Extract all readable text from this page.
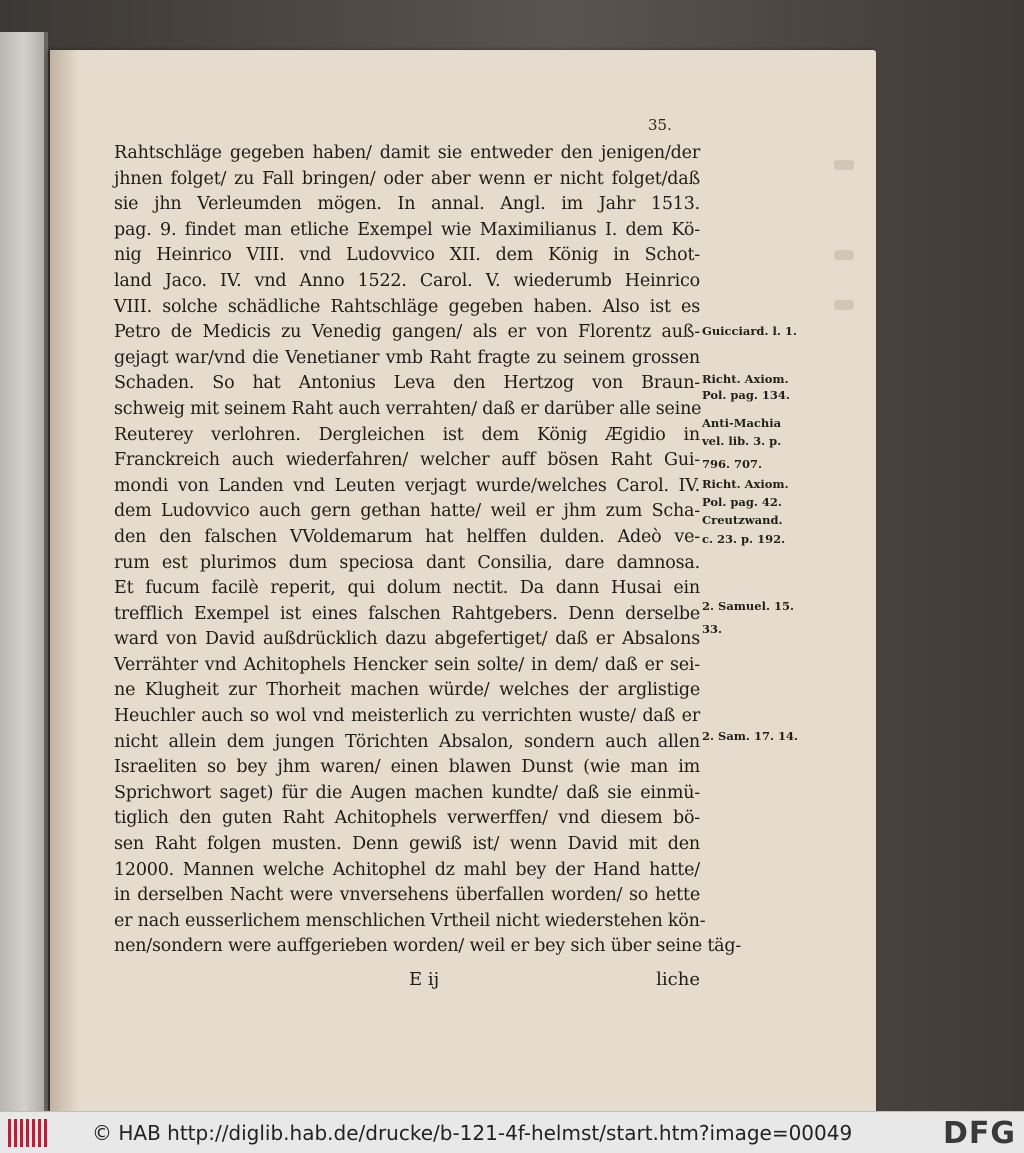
35.
Rahtschläge gegeben haben/ damit sie entweder den jenigen/der
jhnen folget/ zu Fall bringen/ oder aber wenn er nicht folget/daß
sie jhn Verleumden mögen. In annal. Angl. im Jahr 1513.
pag. 9. findet man etliche Exempel wie Maximilianus I. dem Kö-
nig Heinrico VIII. vnd Ludovvico XII. dem König in Schot-
land Jaco. IV. vnd Anno 1522. Carol. V. wiederumb Heinrico
VIII. solche schädliche Rahtschläge gegeben haben. Also ist es
Petro de Medicis zu Venedig gangen/ als er von Florentz auß-
gejagt war/vnd die Venetianer vmb Raht fragte zu seinem grossen
Schaden. So hat Antonius Leva den Hertzog von Braun-
schweig mit seinem Raht auch verrahten/ daß er darüber alle seine
Reuterey verlohren. Dergleichen ist dem König Ægidio in
Franckreich auch wiederfahren/ welcher auff bösen Raht Gui-
mondi von Landen vnd Leuten verjagt wurde/welches Carol. IV.
dem Ludovvico auch gern gethan hatte/ weil er jhm zum Scha-
den den falschen VVoldemarum hat helffen dulden. Adeò ve-
rum est plurimos dum speciosa dant Consilia, dare damnosa.
Et fucum facilè reperit, qui dolum nectit. Da dann Husai ein
trefflich Exempel ist eines falschen Rahtgebers. Denn derselbe
ward von David außdrücklich dazu abgefertiget/ daß er Absalons
Verrähter vnd Achitophels Hencker sein solte/ in dem/ daß er sei-
ne Klugheit zur Thorheit machen würde/ welches der arglistige
Heuchler auch so wol vnd meisterlich zu verrichten wuste/ daß er
nicht allein dem jungen Törichten Absalon, sondern auch allen
Israeliten so bey jhm waren/ einen blawen Dunst (wie man im
Sprichwort saget) für die Augen machen kundte/ daß sie einmü-
tiglich den guten Raht Achitophels verwerffen/ vnd diesem bö-
sen Raht folgen musten. Denn gewiß ist/ wenn David mit den
12000. Mannen welche Achitophel dz mahl bey der Hand hatte/
in derselben Nacht were vnversehens überfallen worden/ so hette
er nach eusserlichem menschlichen Vrtheil nicht wiederstehen kön-
nen/sondern were auffgerieben worden/ weil er bey sich über seine täg-
E ij	liche
Guicciard. l. 1.
Richt. Axiom.
Pol. pag. 134.
Anti-Machia
vel. lib. 3. p.
796. 707.
Richt. Axiom.
Pol. pag. 42.
Creutzwand.
c. 23. p. 192.
2. Samuel. 15.
33.
2. Sam. 17. 14.
© HAB http://diglib.hab.de/drucke/b-121-4f-helmst/start.htm?image=00049	DFG
